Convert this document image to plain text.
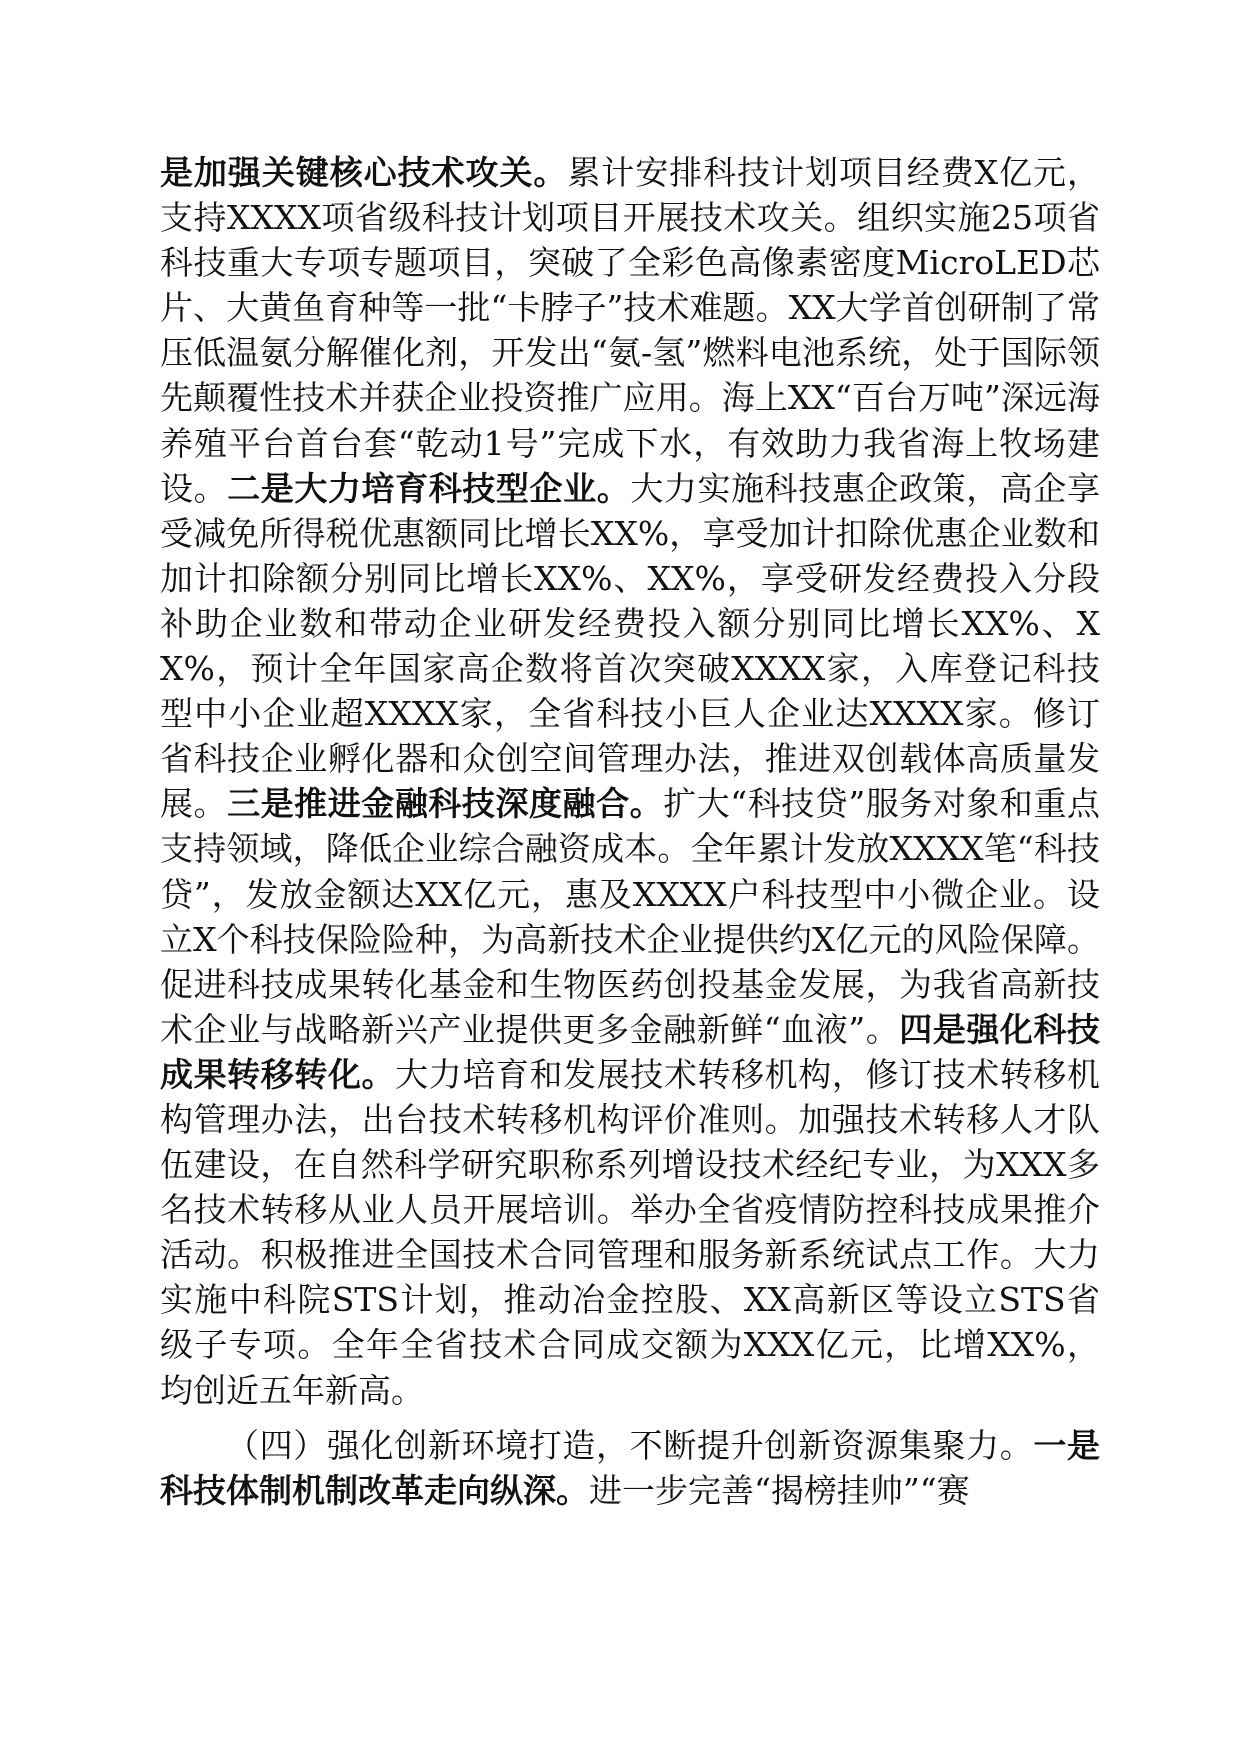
是加强关键核心技术攻关。累计安排科技计划项目经费X亿元，支持XXXX项省级科技计划项目开展技术攻关。组织实施25项省科技重大专项专题项目，突破了全彩色高像素密度MicroLED芯片、大黄鱼育种等一批“卡脖子”技术难题。XX大学首创研制了常压低温氨分解催化剂，开发出“氨-氢”燃料电池系统，处于国际领先颠覆性技术并获企业投资推广应用。海上XX“百台万吨”深远海养殖平台首台套“乾动1号”完成下水，有效助力我省海上牧场建设。二是大力培育科技型企业。大力实施科技惠企政策，高企享受减免所得税优惠额同比增长XX%，享受加计扣除优惠企业数和加计扣除额分别同比增长XX%、XX%，享受研发经费投入分段补助企业数和带动企业研发经费投入额分别同比增长XX%、XX%，预计全年国家高企数将首次突破XXXX家，入库登记科技型中小企业超XXXX家，全省科技小巨人企业达XXXX家。修订省科技企业孵化器和众创空间管理办法，推进双创载体高质量发展。三是推进金融科技深度融合。扩大“科技贷”服务对象和重点支持领域，降低企业综合融资成本。全年累计发放XXXX笔“科技贷”，发放金额达XX亿元，惠及XXXX户科技型中小微企业。设立X个科技保险险种，为高新技术企业提供约X亿元的风险保障。促进科技成果转化基金和生物医药创投基金发展，为我省高新技术企业与战略新兴产业提供更多金融新鲜“血液”。四是强化科技成果转移转化。大力培育和发展技术转移机构，修订技术转移机构管理办法，出台技术转移机构评价准则。加强技术转移人才队伍建设，在自然科学研究职称系列增设技术经纪专业，为XXX多名技术转移从业人员开展培训。举办全省疫情防控科技成果推介活动。积极推进全国技术合同管理和服务新系统试点工作。大力实施中科院STS计划，推动冶金控股、XX高新区等设立STS省级子专项。全年全省技术合同成交额为XXX亿元，比增XX%，均创近五年新高。

（四）强化创新环境打造，不断提升创新资源集聚力。一是科技体制机制改革走向纵深。进一步完善“揭榜挂帅”“赛
